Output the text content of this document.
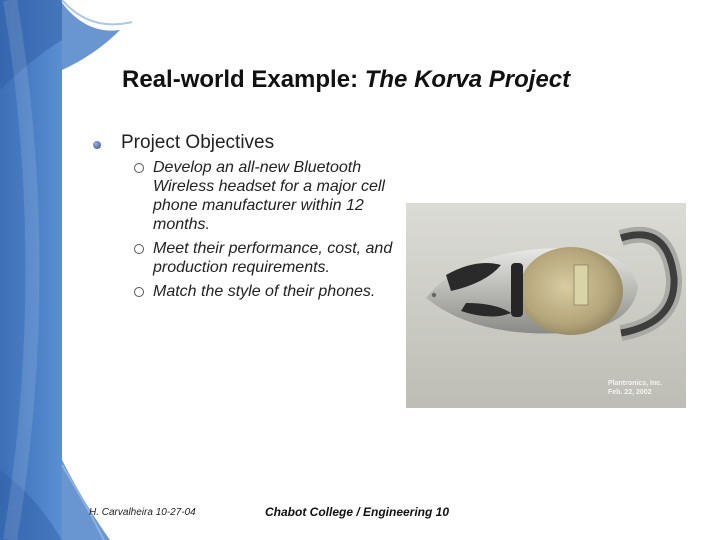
Real-world Example: The Korva Project
Project Objectives
Develop an all-new Bluetooth Wireless headset for a major cell phone manufacturer within 12 months.
Meet their performance, cost, and production requirements.
Match the style of their phones.
Plantronics, Inc.
Feb. 22, 2002
H. Carvalheira 10-27-04	Chabot College / Engineering 10
